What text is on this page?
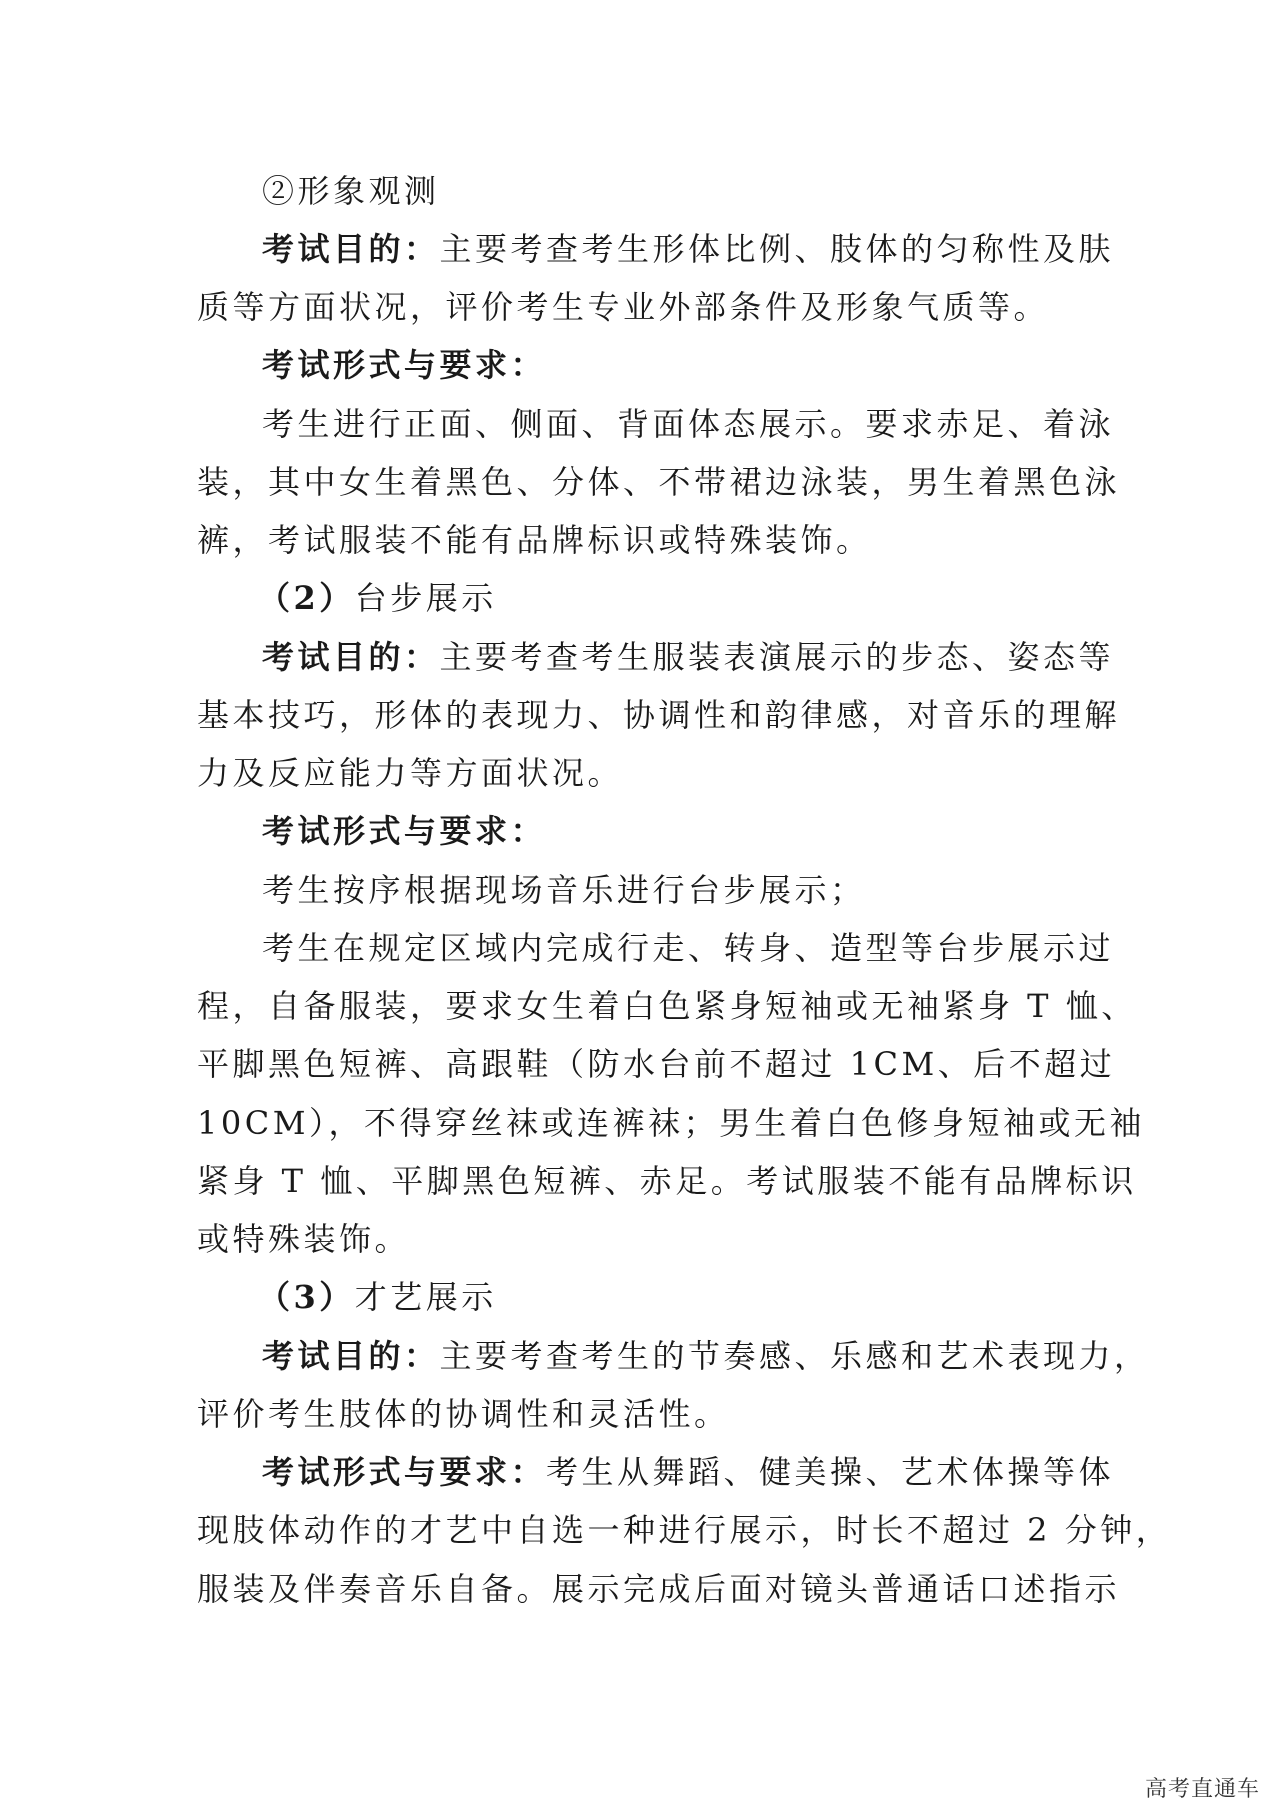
②形象观测
考试目的：主要考查考生形体比例、肢体的匀称性及肤
质等方面状况，评价考生专业外部条件及形象气质等。
考试形式与要求：
考生进行正面、侧面、背面体态展示。要求赤足、着泳
装，其中女生着黑色、分体、不带裙边泳装，男生着黑色泳
裤，考试服装不能有品牌标识或特殊装饰。
（2）台步展示
考试目的：主要考查考生服装表演展示的步态、姿态等
基本技巧，形体的表现力、协调性和韵律感，对音乐的理解
力及反应能力等方面状况。
考试形式与要求：
考生按序根据现场音乐进行台步展示；
考生在规定区域内完成行走、转身、造型等台步展示过
程，自备服装，要求女生着白色紧身短袖或无袖紧身 T 恤、
平脚黑色短裤、高跟鞋（防水台前不超过 1CM、后不超过
10CM），不得穿丝袜或连裤袜；男生着白色修身短袖或无袖
紧身 T 恤、平脚黑色短裤、赤足。考试服装不能有品牌标识
或特殊装饰。
（3）才艺展示
考试目的：主要考查考生的节奏感、乐感和艺术表现力，
评价考生肢体的协调性和灵活性。
考试形式与要求：考生从舞蹈、健美操、艺术体操等体
现肢体动作的才艺中自选一种进行展示，时长不超过 2 分钟，
服装及伴奏音乐自备。展示完成后面对镜头普通话口述指示
高考直通车
